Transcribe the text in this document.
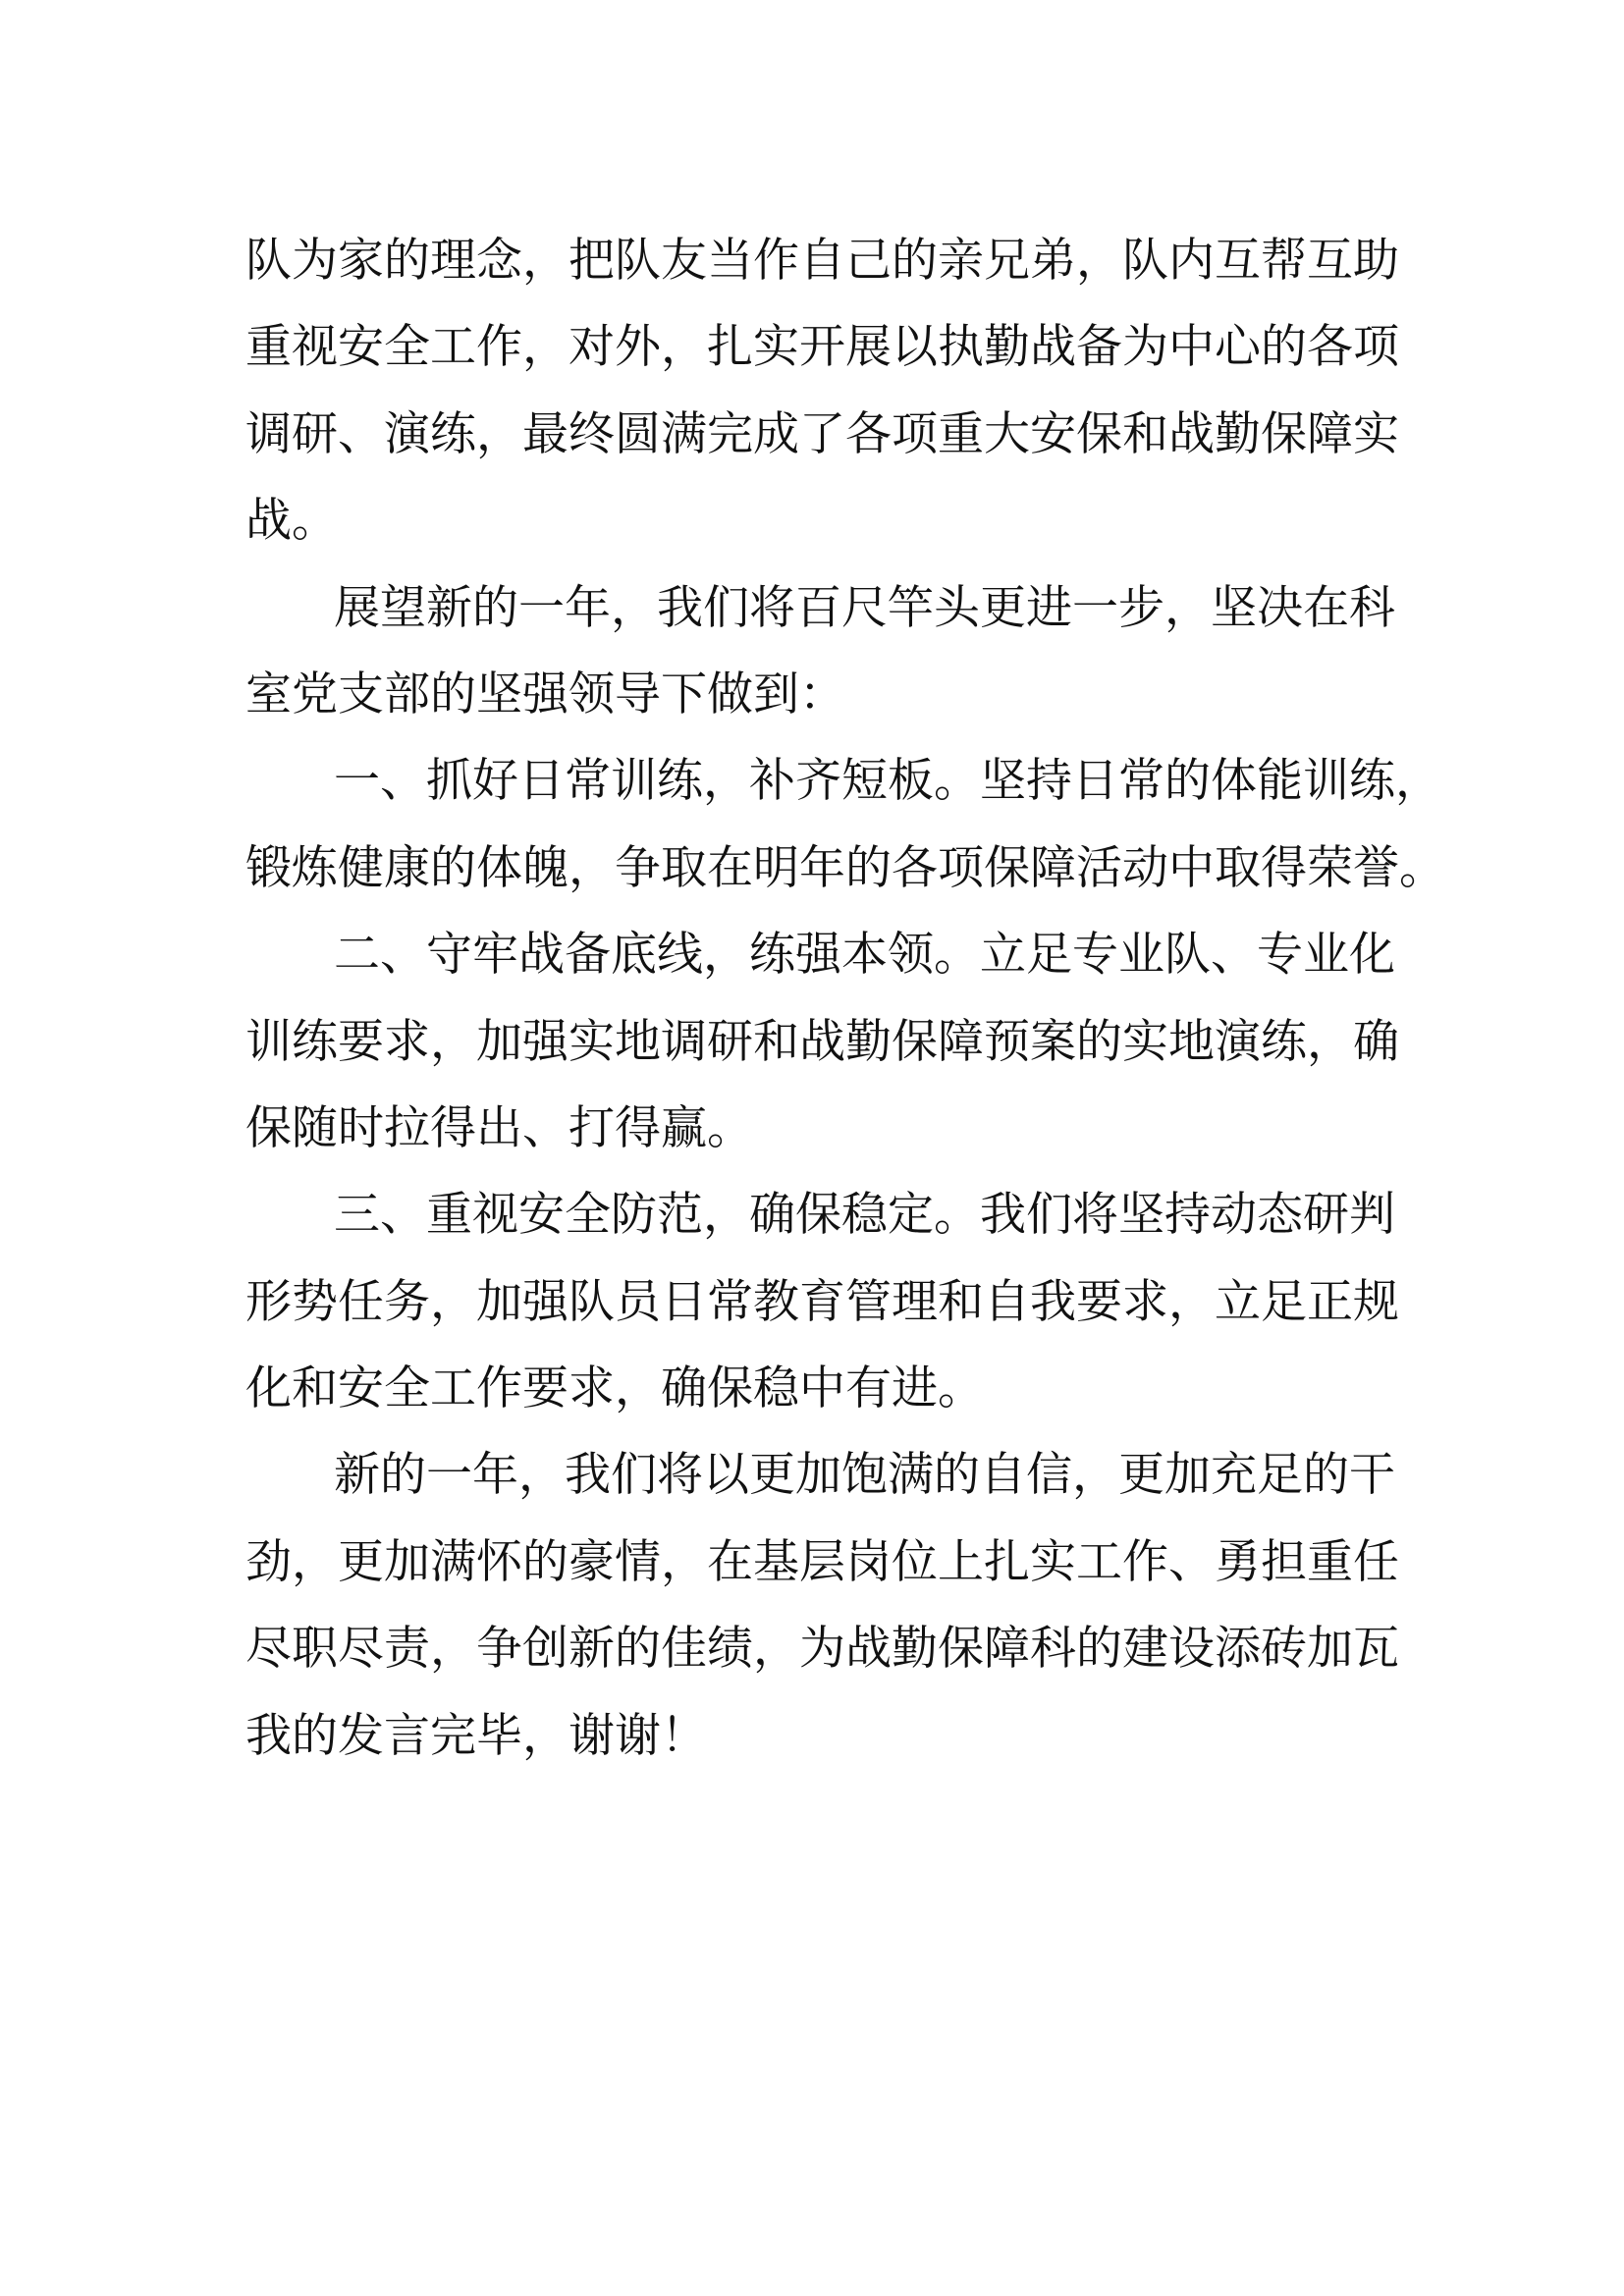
队为家的理念，把队友当作自己的亲兄弟，队内互帮互助
重视安全工作，对外，扎实开展以执勤战备为中心的各项
调研、演练，最终圆满完成了各项重大安保和战勤保障实
战。
展望新的一年，我们将百尺竿头更进一步，坚决在科
室党支部的坚强领导下做到：
一、抓好日常训练，补齐短板。坚持日常的体能训练，
锻炼健康的体魄，争取在明年的各项保障活动中取得荣誉。
二、守牢战备底线，练强本领。立足专业队、专业化
训练要求，加强实地调研和战勤保障预案的实地演练，确
保随时拉得出、打得赢。
三、重视安全防范，确保稳定。我们将坚持动态研判
形势任务，加强队员日常教育管理和自我要求，立足正规
化和安全工作要求，确保稳中有进。
新的一年，我们将以更加饱满的自信，更加充足的干
劲，更加满怀的豪情，在基层岗位上扎实工作、勇担重任
尽职尽责，争创新的佳绩，为战勤保障科的建设添砖加瓦
我的发言完毕，谢谢！
